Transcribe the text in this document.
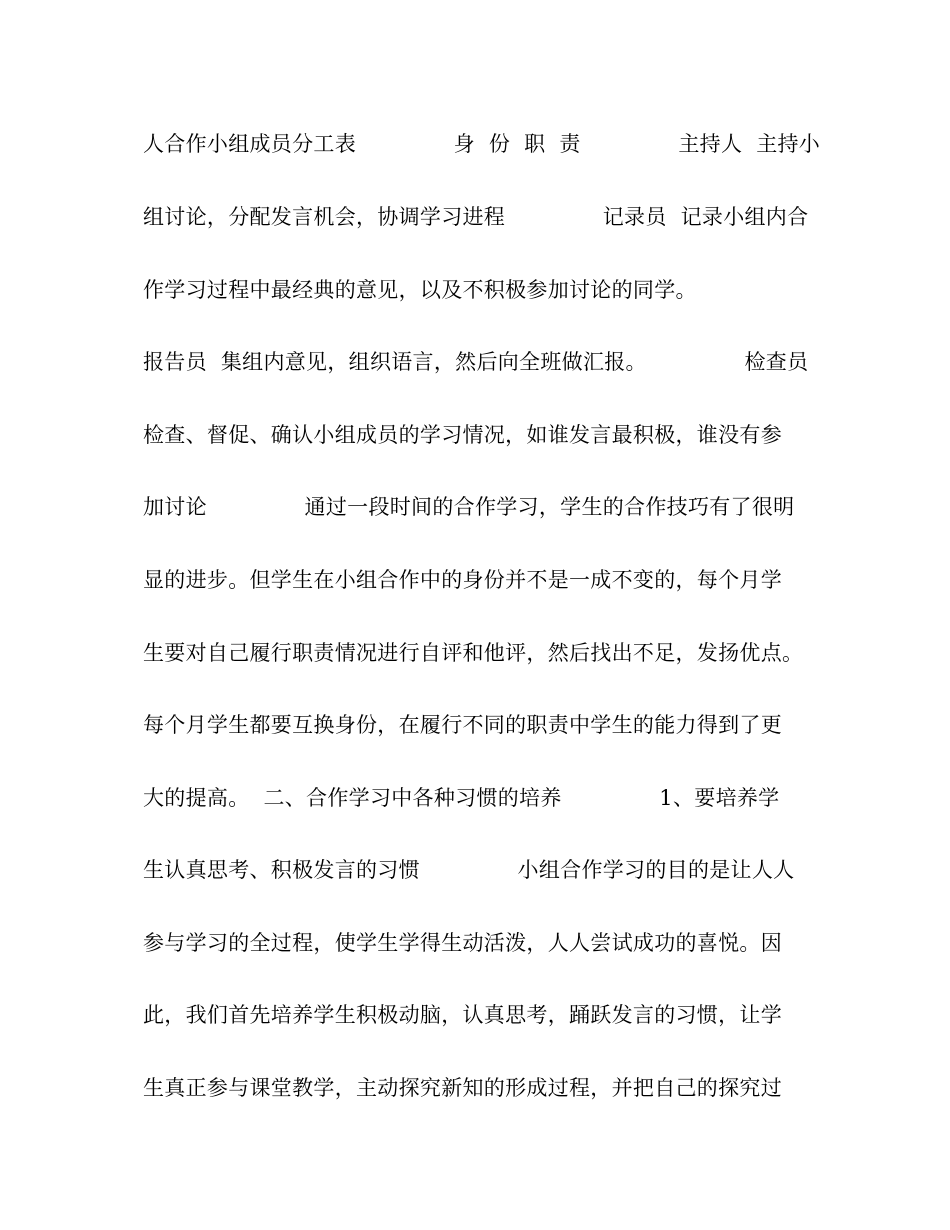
人合作小组成员分工表              身  份  职  责              主持人  主持小
组讨论，分配发言机会，协调学习进程              记录员  记录小组内合
作学习过程中最经典的意见，以及不积极参加讨论的同学。
报告员  集组内意见，组织语言，然后向全班做汇报。              检查员
检查、督促、确认小组成员的学习情况，如谁发言最积极，谁没有参
加讨论              通过一段时间的合作学习，学生的合作技巧有了很明
显的进步。但学生在小组合作中的身份并不是一成不变的，每个月学
生要对自己履行职责情况进行自评和他评，然后找出不足，发扬优点。
每个月学生都要互换身份，在履行不同的职责中学生的能力得到了更
大的提高。  二、合作学习中各种习惯的培养              1、要培养学
生认真思考、积极发言的习惯              小组合作学习的目的是让人人
参与学习的全过程，使学生学得生动活泼，人人尝试成功的喜悦。因
此，我们首先培养学生积极动脑，认真思考，踊跃发言的习惯，让学
生真正参与课堂教学，主动探究新知的形成过程，并把自己的探究过
